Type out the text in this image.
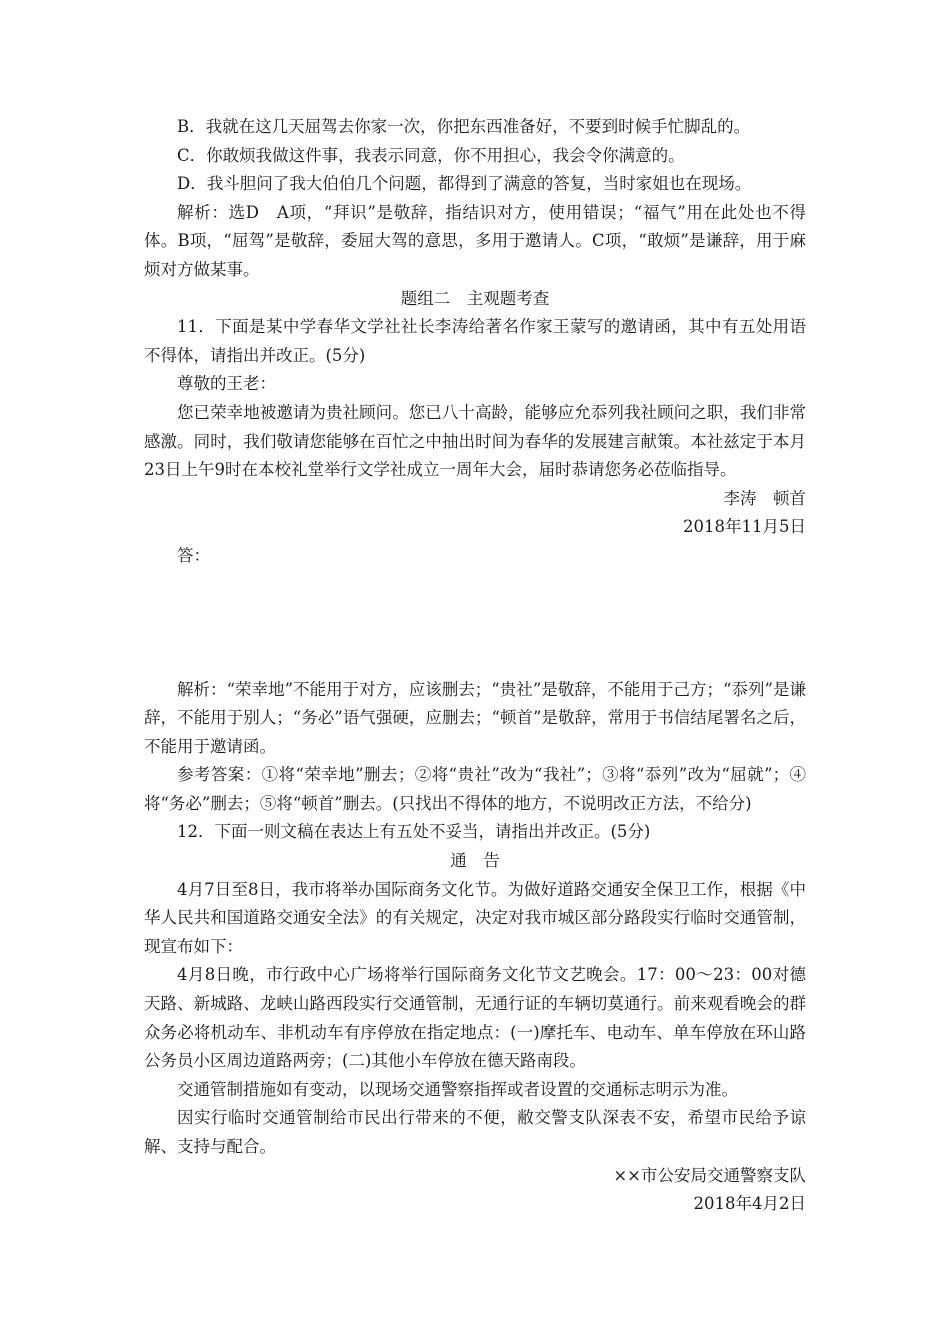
B．我就在这几天屈驾去你家一次，你把东西准备好，不要到时候手忙脚乱的。

C．你敢烦我做这件事，我表示同意，你不用担心，我会令你满意的。

D．我斗胆问了我大伯伯几个问题，都得到了满意的答复，当时家姐也在现场。

解析：选D　A项，“拜识”是敬辞，指结识对方，使用错误；“福气”用在此处也不得体。B项，“屈驾”是敬辞，委屈大驾的意思，多用于邀请人。C项，“敢烦”是谦辞，用于麻烦对方做某事。

题组二　主观题考查

11．下面是某中学春华文学社社长李涛给著名作家王蒙写的邀请函，其中有五处用语不得体，请指出并改正。(5分)

尊敬的王老：

您已荣幸地被邀请为贵社顾问。您已八十高龄，能够应允忝列我社顾问之职，我们非常感激。同时，我们敬请您能够在百忙之中抽出时间为春华的发展建言献策。本社兹定于本月23日上午9时在本校礼堂举行文学社成立一周年大会，届时恭请您务必莅临指导。

李涛　顿首

2018年11月5日

答：

解析：“荣幸地”不能用于对方，应该删去；“贵社”是敬辞，不能用于己方；“忝列”是谦辞，不能用于别人；“务必”语气强硬，应删去；“顿首”是敬辞，常用于书信结尾署名之后，不能用于邀请函。

参考答案：①将“荣幸地”删去；②将“贵社”改为“我社”；③将“忝列”改为“屈就”；④将“务必”删去；⑤将“顿首”删去。(只找出不得体的地方，不说明改正方法，不给分)

12．下面一则文稿在表达上有五处不妥当，请指出并改正。(5分)

通　告

4月7日至8日，我市将举办国际商务文化节。为做好道路交通安全保卫工作，根据《中华人民共和国道路交通安全法》的有关规定，决定对我市城区部分路段实行临时交通管制，现宣布如下：

4月8日晚，市行政中心广场将举行国际商务文化节文艺晚会。17：00～23：00对德天路、新城路、龙峡山路西段实行交通管制，无通行证的车辆切莫通行。前来观看晚会的群众务必将机动车、非机动车有序停放在指定地点：(一)摩托车、电动车、单车停放在环山路公务员小区周边道路两旁；(二)其他小车停放在德天路南段。

交通管制措施如有变动，以现场交通警察指挥或者设置的交通标志明示为准。

因实行临时交通管制给市民出行带来的不便，敝交警支队深表不安，希望市民给予谅解、支持与配合。

××市公安局交通警察支队

2018年4月2日
